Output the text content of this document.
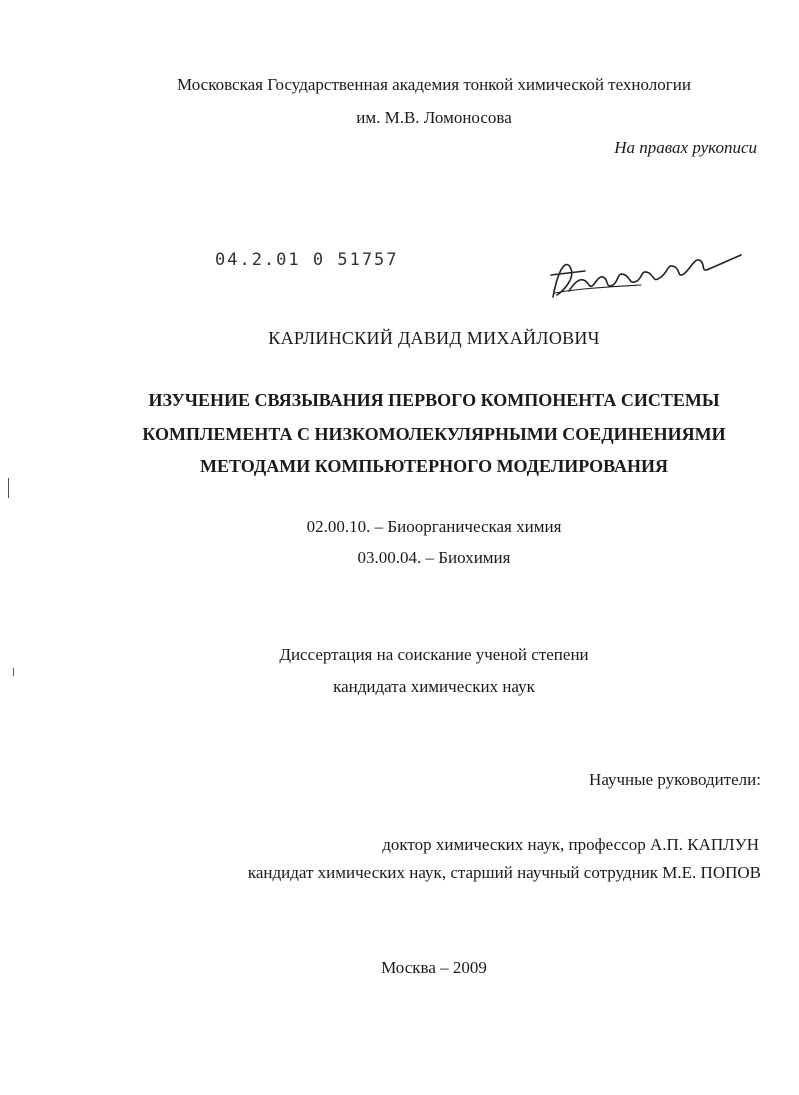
Московская Государственная академия тонкой химической технологии
им. М.В. Ломоносова
На правах рукописи
04.2.01 0 51757
КАРЛИНСКИЙ ДАВИД МИХАЙЛОВИЧ
ИЗУЧЕНИЕ СВЯЗЫВАНИЯ ПЕРВОГО КОМПОНЕНТА СИСТЕМЫ
КОМПЛЕМЕНТА С НИЗКОМОЛЕКУЛЯРНЫМИ СОЕДИНЕНИЯМИ
МЕТОДАМИ КОМПЬЮТЕРНОГО МОДЕЛИРОВАНИЯ
02.00.10. – Биоорганическая химия
03.00.04. – Биохимия
Диссертация на соискание ученой степени
кандидата химических наук
Научные руководители:
доктор химических наук, профессор А.П. КАПЛУН
кандидат химических наук, старший научный сотрудник М.Е. ПОПОВ
Москва – 2009
